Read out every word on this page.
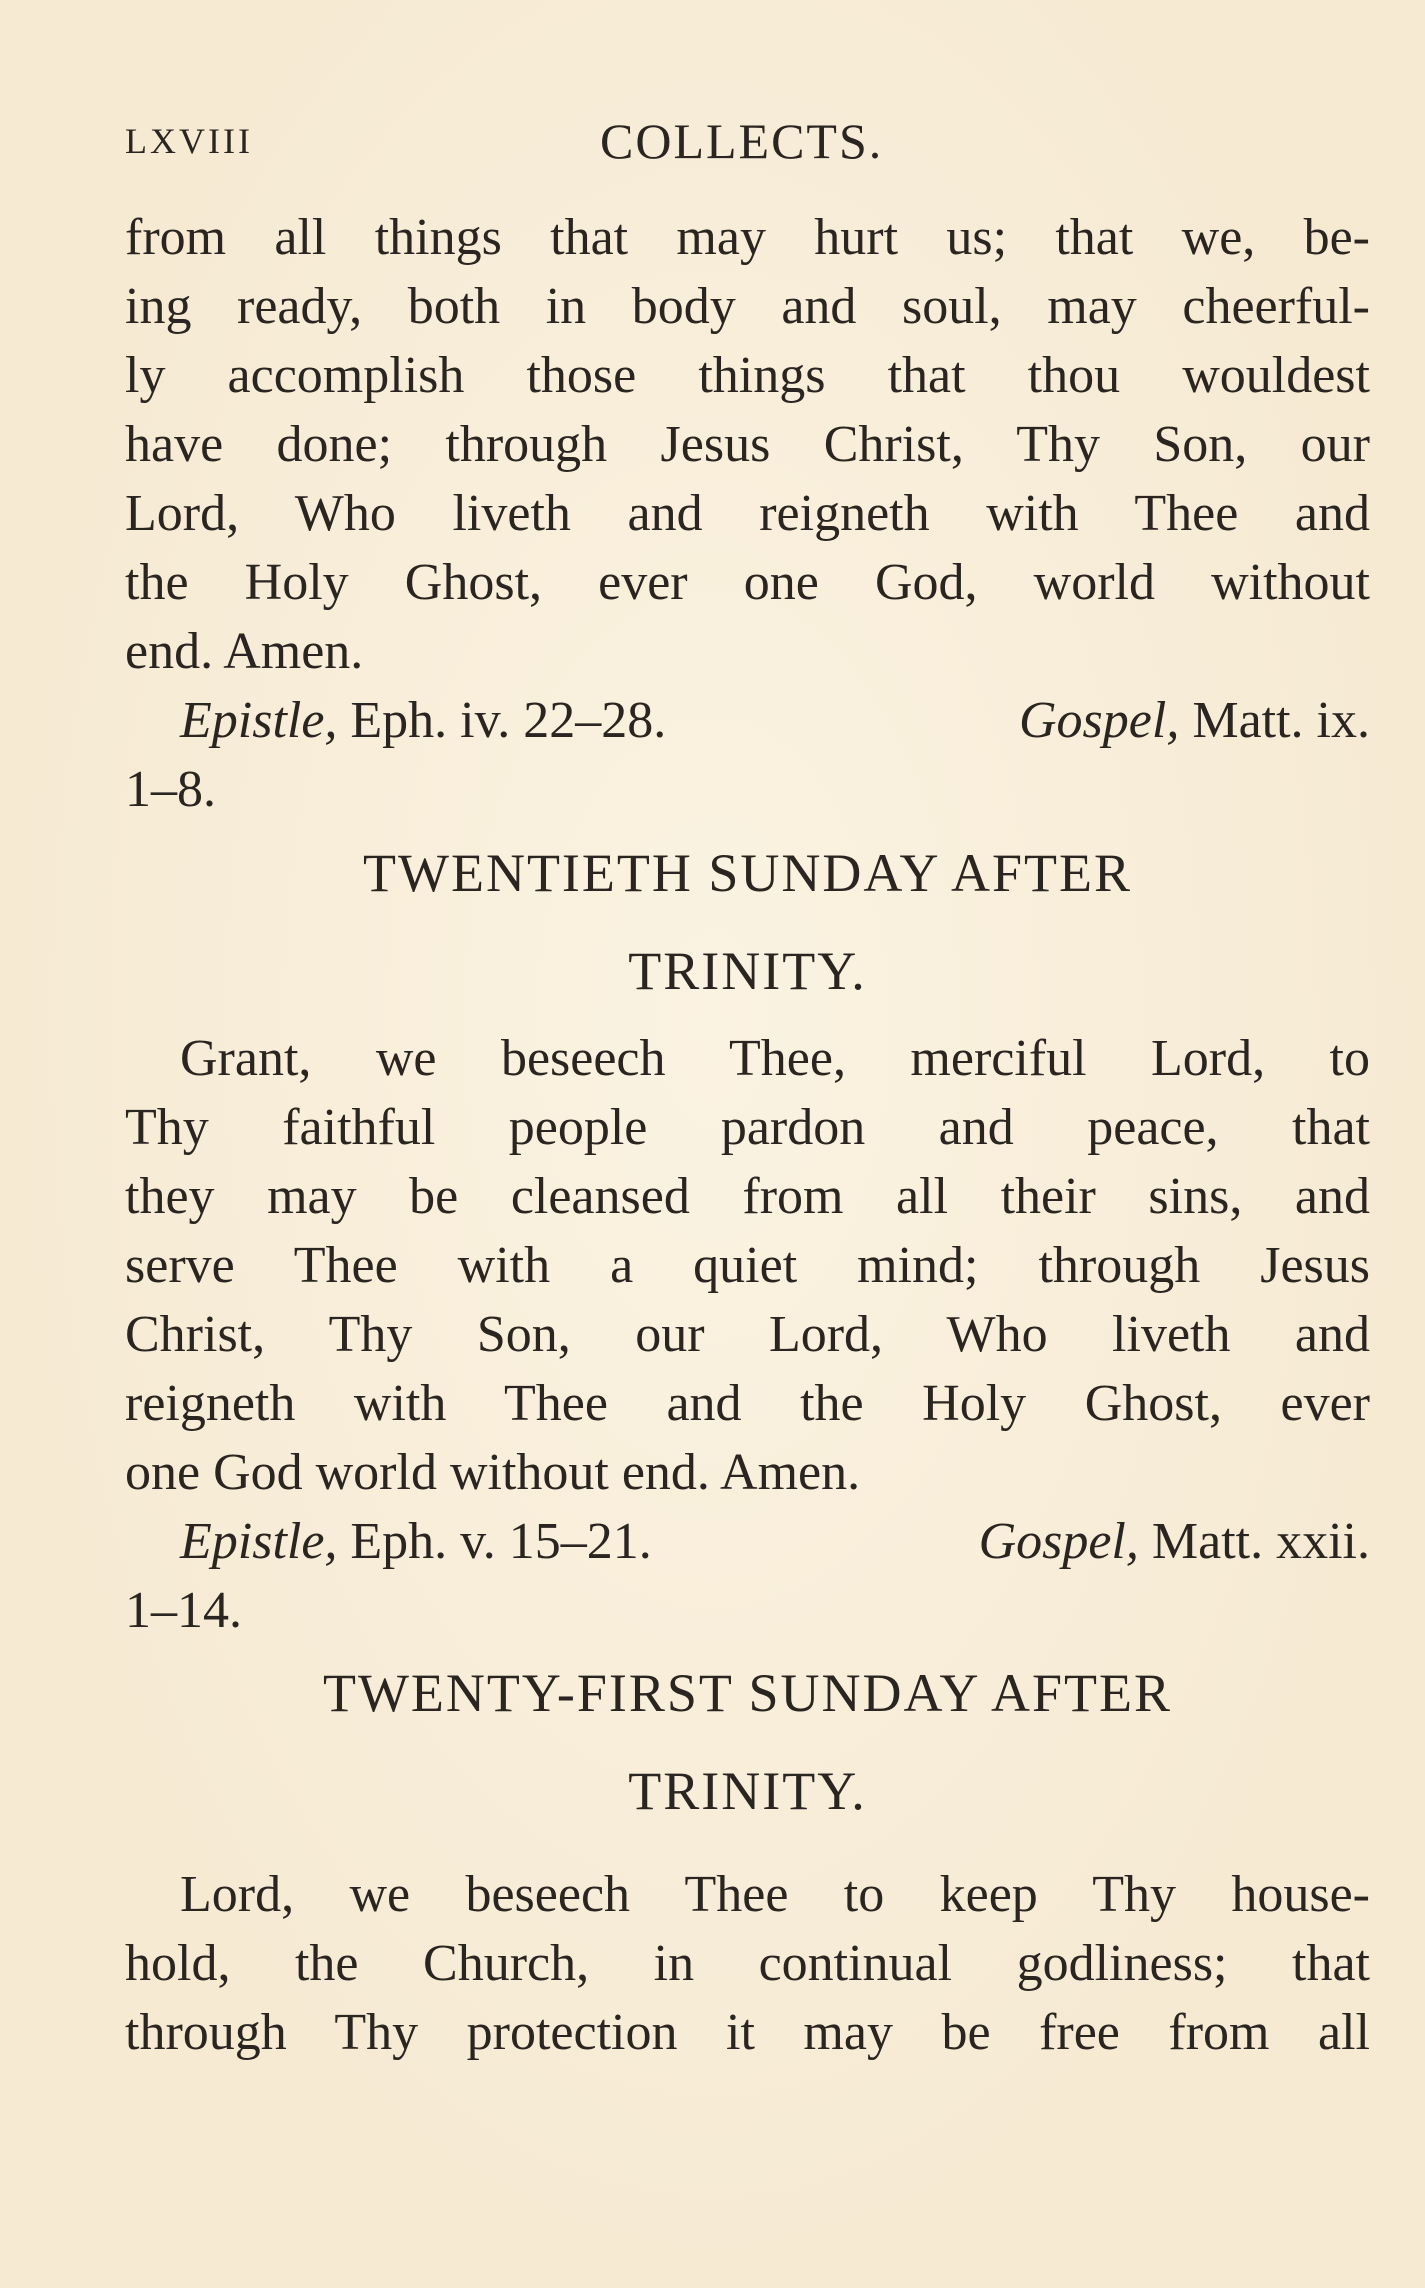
LXVIII	COLLECTS.
from all things that may hurt us; that we, be-
ing ready, both in body and soul, may cheerful-
ly accomplish those things that thou wouldest
have done; through Jesus Christ, Thy Son, our
Lord, Who liveth and reigneth with Thee and
the Holy Ghost, ever one God, world without
end. Amen.
Epistle, Eph. iv. 22–28.	Gospel, Matt. ix.
1–8.
TWENTIETH SUNDAY AFTER
TRINITY.
Grant, we beseech Thee, merciful Lord, to
Thy faithful people pardon and peace, that
they may be cleansed from all their sins, and
serve Thee with a quiet mind; through Jesus
Christ, Thy Son, our Lord, Who liveth and
reigneth with Thee and the Holy Ghost, ever
one God world without end. Amen.
Epistle, Eph. v. 15–21.	Gospel, Matt. xxii.
1–14.
TWENTY-FIRST SUNDAY AFTER
TRINITY.
Lord, we beseech Thee to keep Thy house-
hold, the Church, in continual godliness; that
through Thy protection it may be free from all
